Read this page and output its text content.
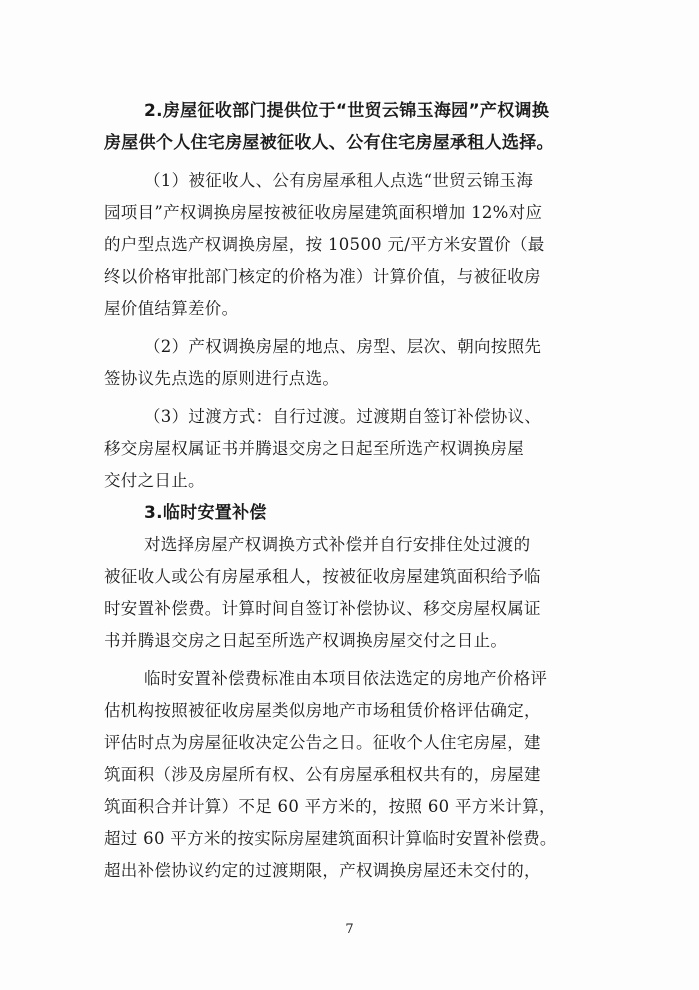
2.房屋征收部门提供位于“世贸云锦玉海园”产权调换
房屋供个人住宅房屋被征收人、公有住宅房屋承租人选择。
（1）被征收人、公有房屋承租人点选“世贸云锦玉海
园项目”产权调换房屋按被征收房屋建筑面积增加 12%对应
的户型点选产权调换房屋，按 10500 元/平方米安置价（最
终以价格审批部门核定的价格为准）计算价值，与被征收房
屋价值结算差价。
（2）产权调换房屋的地点、房型、层次、朝向按照先
签协议先点选的原则进行点选。
（3）过渡方式：自行过渡。过渡期自签订补偿协议、
移交房屋权属证书并腾退交房之日起至所选产权调换房屋
交付之日止。
3.临时安置补偿
对选择房屋产权调换方式补偿并自行安排住处过渡的
被征收人或公有房屋承租人，按被征收房屋建筑面积给予临
时安置补偿费。计算时间自签订补偿协议、移交房屋权属证
书并腾退交房之日起至所选产权调换房屋交付之日止。
临时安置补偿费标准由本项目依法选定的房地产价格评
估机构按照被征收房屋类似房地产市场租赁价格评估确定，
评估时点为房屋征收决定公告之日。征收个人住宅房屋，建
筑面积（涉及房屋所有权、公有房屋承租权共有的，房屋建
筑面积合并计算）不足 60 平方米的，按照 60 平方米计算，
超过 60 平方米的按实际房屋建筑面积计算临时安置补偿费。
超出补偿协议约定的过渡期限，产权调换房屋还未交付的，
7
